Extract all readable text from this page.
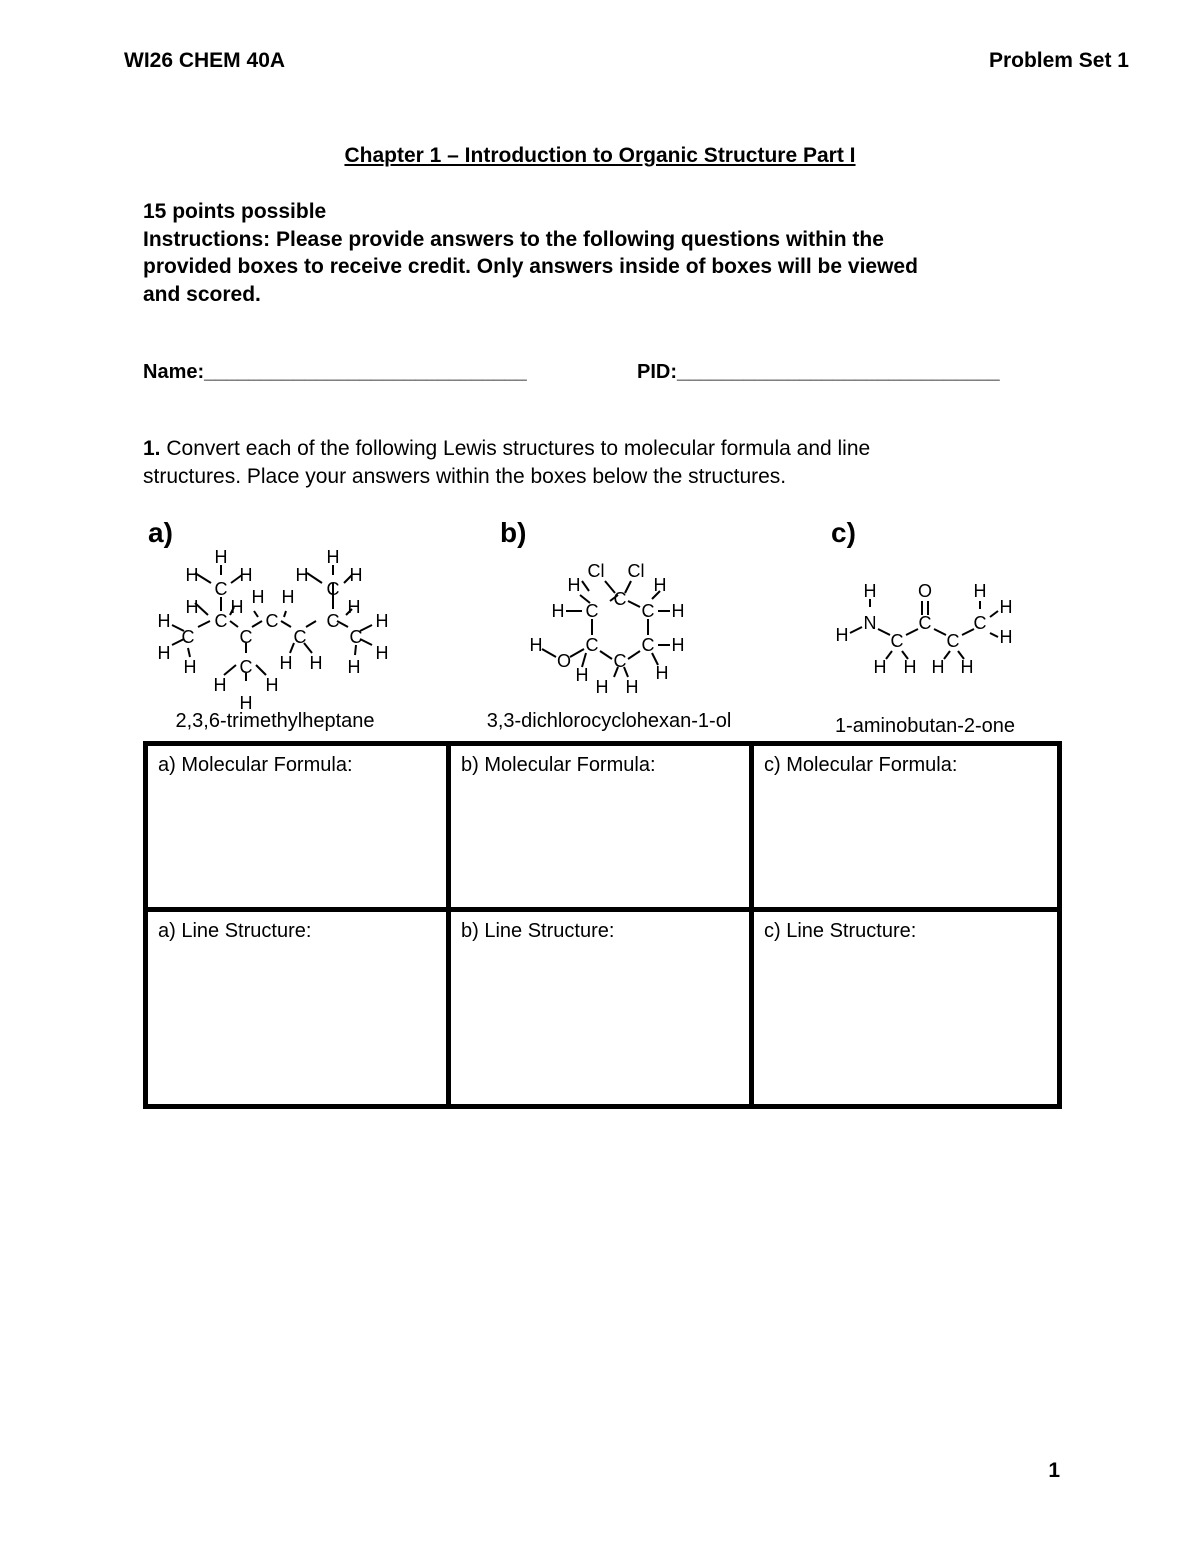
WI26 CHEM 40A	Problem Set 1
Chapter 1 – Introduction to Organic Structure Part I
15 points possible
Instructions: Please provide answers to the following questions within the
provided boxes to receive credit. Only answers inside of boxes will be viewed
and scored.
Name:_____________________________	PID:_____________________________
1. Convert each of the following Lewis structures to molecular formula and line
structures. Place your answers within the boxes below the structures.
a)	b)	c)
H
H
C
H
H
H
C
H
H H H H	H
C C	C
H
C	C C C
H
H	H
H C H H H
H H
H
Cl Cl
H
C
H
H C C H
C C H
H
O C
H	H
H H
H O H
H
N C C
H C C H
H H H H
2,3,6-trimethylheptane	3,3-dichlorocyclohexan-1-ol	1-aminobutan-2-one
a) Molecular Formula:	b) Molecular Formula:	c) Molecular Formula:
a) Line Structure:	b) Line Structure:	c) Line Structure:
1
